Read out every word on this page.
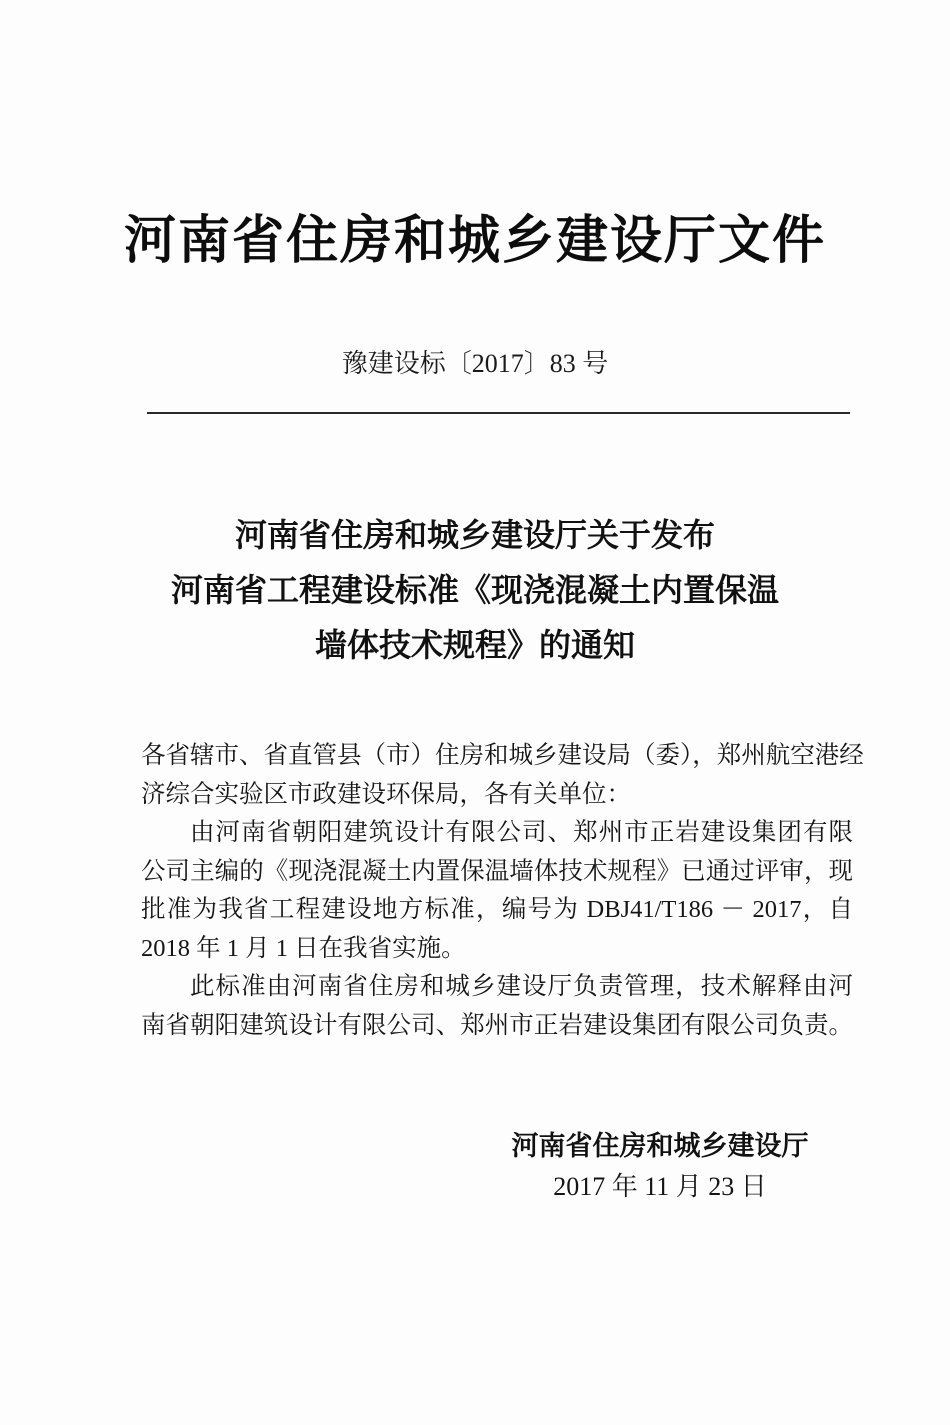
河南省住房和城乡建设厅文件
豫建设标〔2017〕83 号
河南省住房和城乡建设厅关于发布
河南省工程建设标准《现浇混凝土内置保温
墙体技术规程》的通知
各省辖市、省直管县（市）住房和城乡建设局（委），郑州航空港经
济综合实验区市政建设环保局，各有关单位：
由河南省朝阳建筑设计有限公司、郑州市正岩建设集团有限
公司主编的《现浇混凝土内置保温墙体技术规程》已通过评审，现
批准为我省工程建设地方标准，编号为 DBJ41/T186 － 2017，自
2018 年 1 月 1 日在我省实施。
此标准由河南省住房和城乡建设厅负责管理，技术解释由河
南省朝阳建筑设计有限公司、郑州市正岩建设集团有限公司负责。
河南省住房和城乡建设厅
2017 年 11 月 23 日
